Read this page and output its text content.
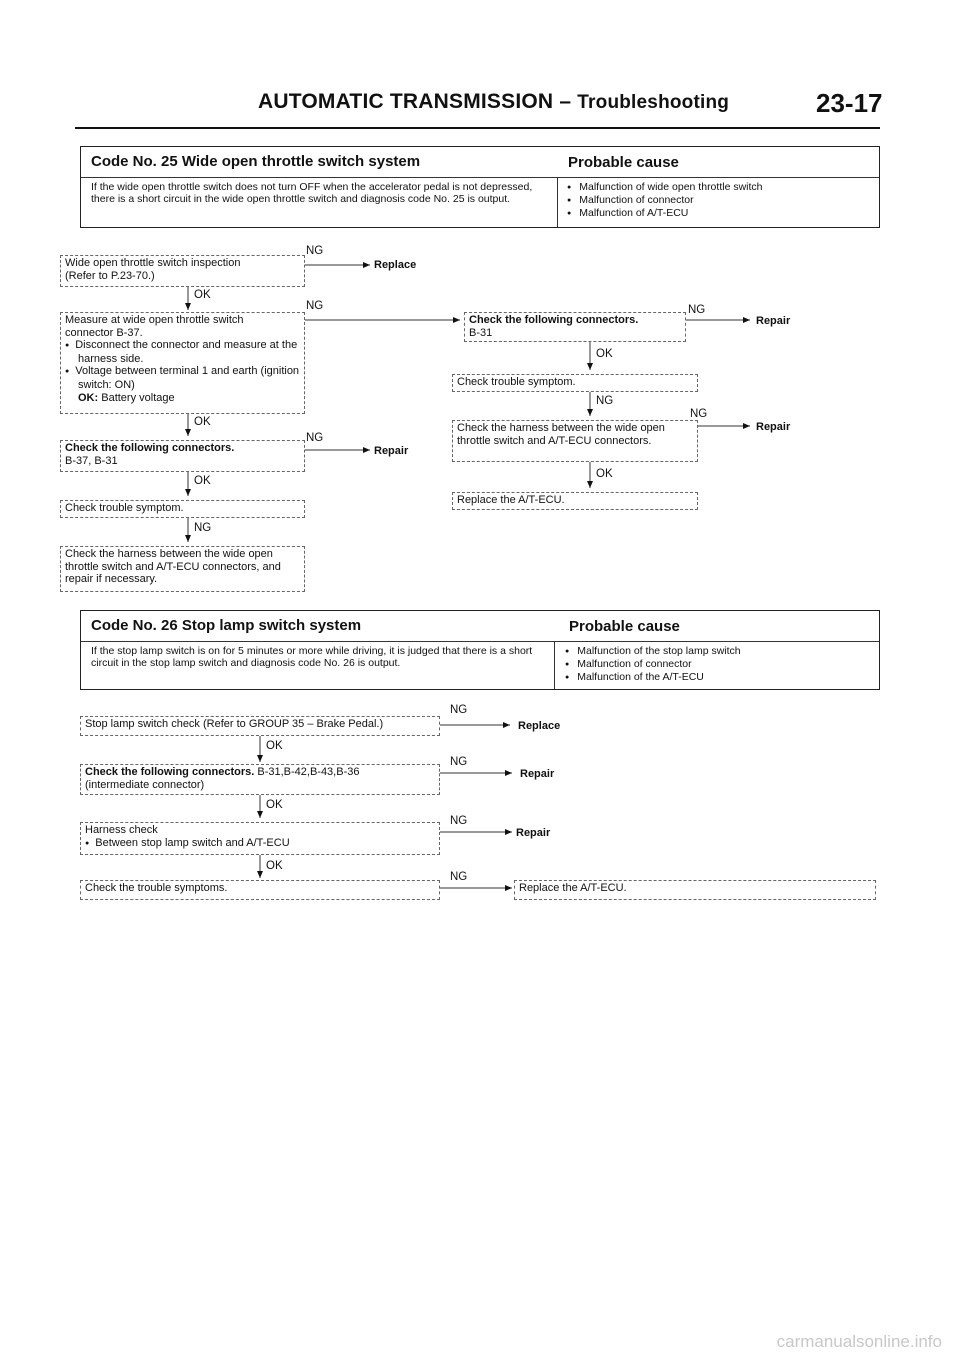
AUTOMATIC TRANSMISSION – Troubleshooting	23-17
Code No. 25 Wide open throttle switch system	Probable cause
If the wide open throttle switch does not turn OFF when the accelerator pedal is not depressed, there is a short circuit in the wide open throttle switch and diagnosis code No. 25 is output.
● Malfunction of wide open throttle switch
● Malfunction of connector
● Malfunction of A/T-ECU
Wide open throttle switch inspection
(Refer to P.23-70.)
NG
Replace
OK
Measure at wide open throttle switch
connector B-37.
● Disconnect the connector and measure at the harness side.
● Voltage between terminal 1 and earth (ignition switch: ON)
OK: Battery voltage
NG
OK
Check the following connectors.
B-37, B-31
NG
Repair
OK
Check trouble symptom.
NG
Check the harness between the wide open throttle switch and A/T-ECU connectors, and repair if necessary.
Check the following connectors.
B-31
NG
Repair
OK
Check trouble symptom.
NG
Check the harness between the wide open throttle switch and A/T-ECU connectors.
NG
Repair
OK
Replace the A/T-ECU.
Code No. 26 Stop lamp switch system	Probable cause
If the stop lamp switch is on for 5 minutes or more while driving, it is judged that there is a short circuit in the stop lamp switch and diagnosis code No. 26 is output.
● Malfunction of the stop lamp switch
● Malfunction of connector
● Malfunction of the A/T-ECU
Stop lamp switch check (Refer to GROUP 35 – Brake Pedal.)
NG
Replace
OK
Check the following connectors. B-31,B-42,B-43,B-36
(intermediate connector)
NG
Repair
OK
Harness check
● Between stop lamp switch and A/T-ECU
NG
Repair
OK
Check the trouble symptoms.
NG
Replace the A/T-ECU.
carmanualsonline.info
